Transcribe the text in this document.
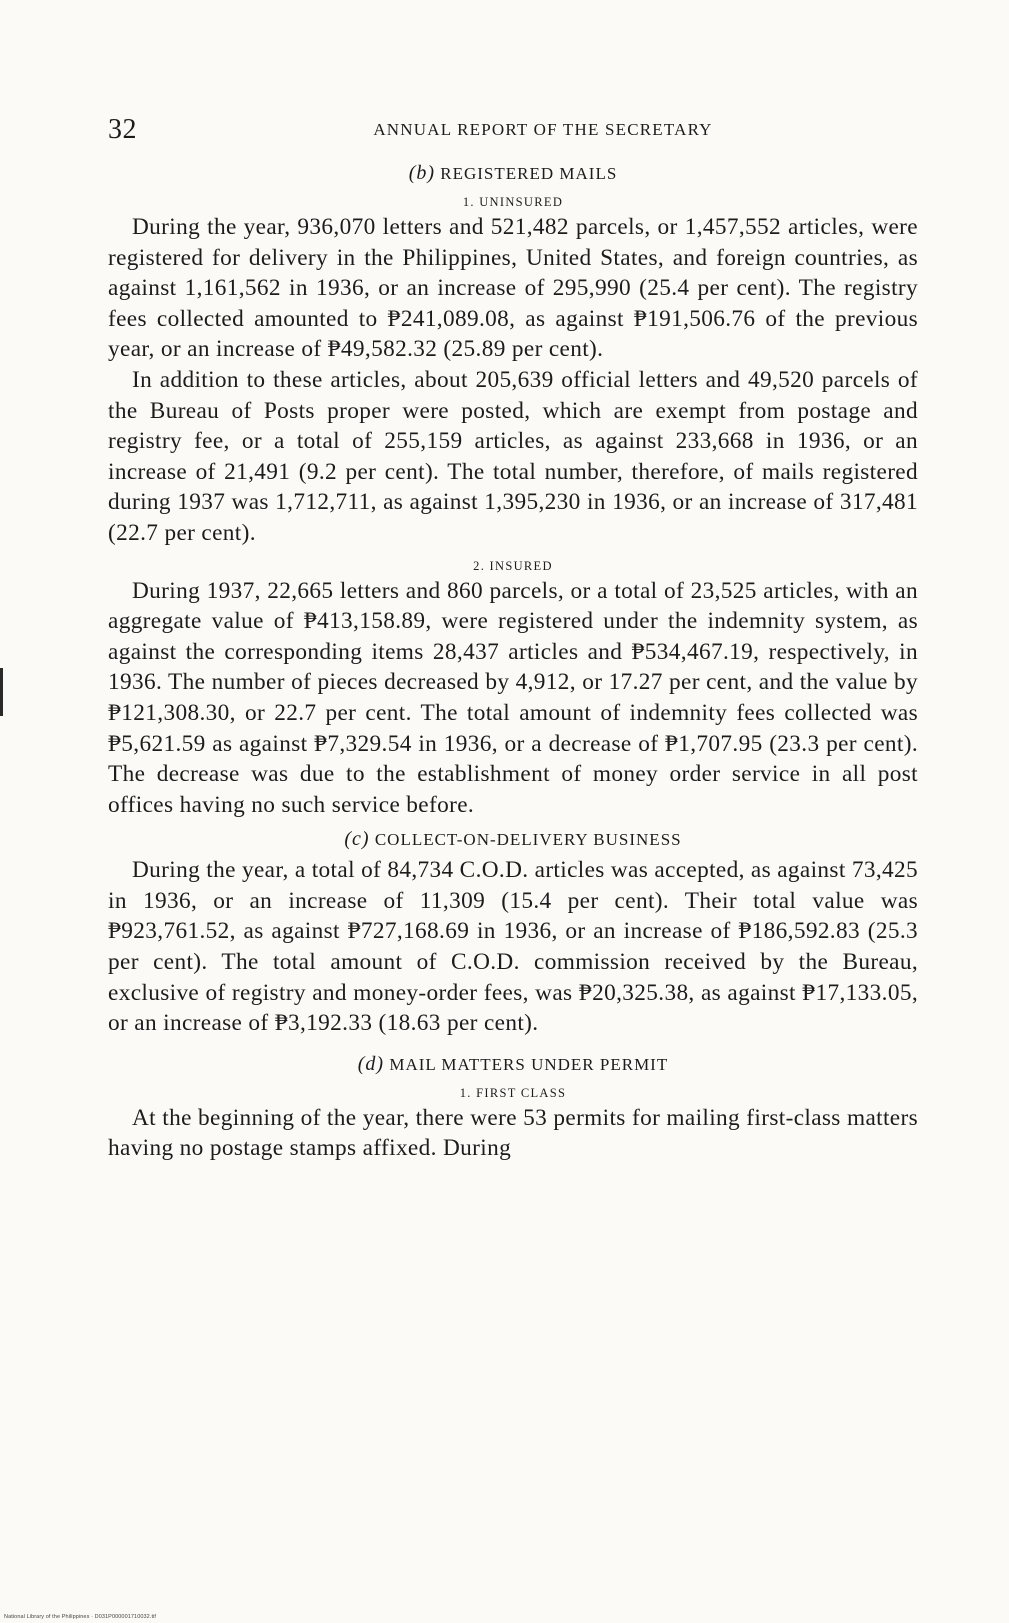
32	ANNUAL REPORT OF THE SECRETARY
(b) REGISTERED MAILS
1. UNINSURED

During the year, 936,070 letters and 521,482 parcels, or 1,457,552 articles, were registered for delivery in the Philippines, United States, and foreign countries, as against 1,161,562 in 1936, or an increase of 295,990 (25.4 per cent). The registry fees collected amounted to ₱241,089.08, as against ₱191,506.76 of the previous year, or an increase of ₱49,582.32 (25.89 per cent).

In addition to these articles, about 205,639 official letters and 49,520 parcels of the Bureau of Posts proper were posted, which are exempt from postage and registry fee, or a total of 255,159 articles, as against 233,668 in 1936, or an increase of 21,491 (9.2 per cent). The total number, therefore, of mails registered during 1937 was 1,712,711, as against 1,395,230 in 1936, or an increase of 317,481 (22.7 per cent).

2. INSURED

During 1937, 22,665 letters and 860 parcels, or a total of 23,525 articles, with an aggregate value of ₱413,158.89, were registered under the indemnity system, as against the corresponding items 28,437 articles and ₱534,467.19, respectively, in 1936. The number of pieces decreased by 4,912, or 17.27 per cent, and the value by ₱121,308.30, or 22.7 per cent. The total amount of indemnity fees collected was ₱5,621.59 as against ₱7,329.54 in 1936, or a decrease of ₱1,707.95 (23.3 per cent). The decrease was due to the establishment of money order service in all post offices having no such service before.

(c) COLLECT-ON-DELIVERY BUSINESS

During the year, a total of 84,734 C.O.D. articles was accepted, as against 73,425 in 1936, or an increase of 11,309 (15.4 per cent). Their total value was ₱923,761.52, as against ₱727,168.69 in 1936, or an increase of ₱186,592.83 (25.3 per cent). The total amount of C.O.D. commission received by the Bureau, exclusive of registry and money-order fees, was ₱20,325.38, as against ₱17,133.05, or an increase of ₱3,192.33 (18.63 per cent).

(d) MAIL MATTERS UNDER PERMIT
1. FIRST CLASS

At the beginning of the year, there were 53 permits for mailing first-class matters having no postage stamps affixed. During

National Library of the Philippines · D031P000001710032.tif
